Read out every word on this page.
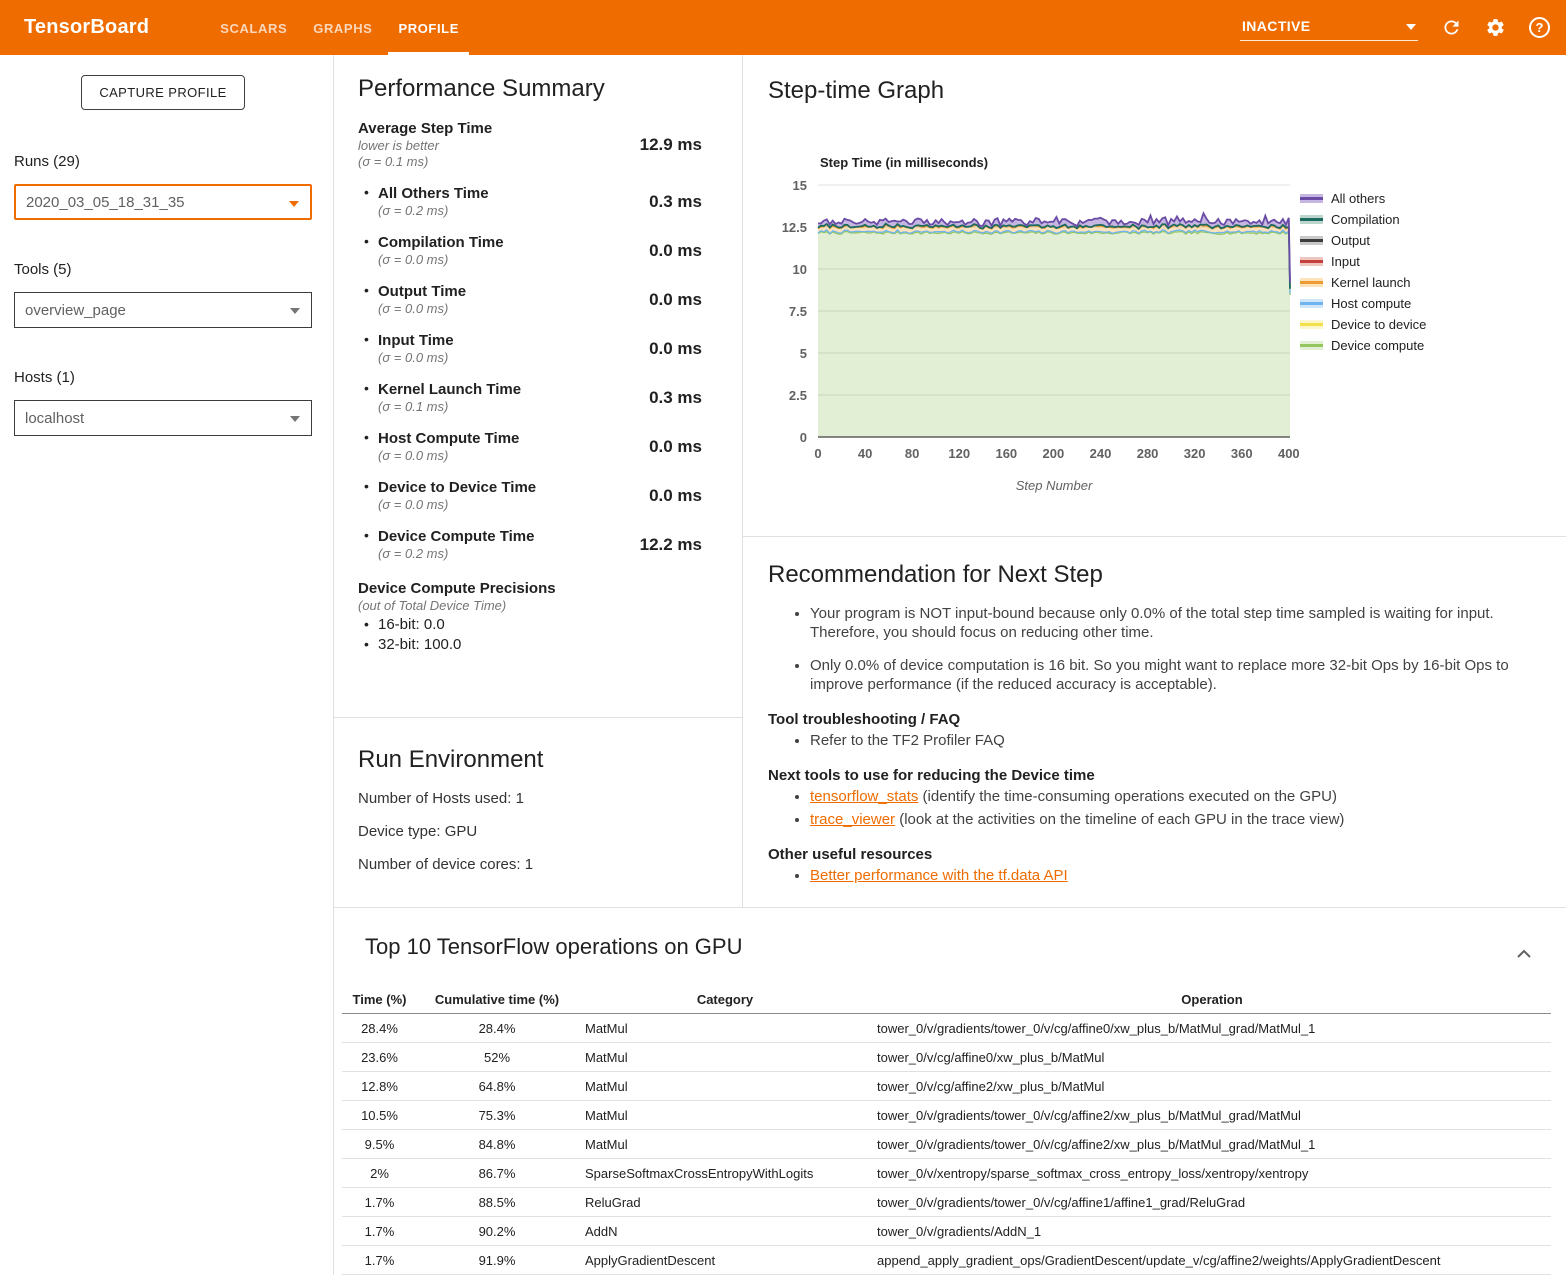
TensorBoard	SCALARS	GRAPHS	PROFILE	INACTIVE	?
CAPTURE PROFILE
Runs (29)
2020_03_05_18_31_35
Tools (5)
overview_page
Hosts (1)
localhost
Performance Summary
Average Step Time
lower is better
(σ = 0.1 ms)
12.9 ms
• All Others Time
(σ = 0.2 ms)	0.3 ms
• Compilation Time
(σ = 0.0 ms)	0.0 ms
• Output Time
(σ = 0.0 ms)	0.0 ms
• Input Time
(σ = 0.0 ms)	0.0 ms
• Kernel Launch Time
(σ = 0.1 ms)	0.3 ms
• Host Compute Time
(σ = 0.0 ms)	0.0 ms
• Device to Device Time
(σ = 0.0 ms)	0.0 ms
• Device Compute Time
(σ = 0.2 ms)	12.2 ms
Device Compute Precisions
(out of Total Device Time)
• 16-bit: 0.0
• 32-bit: 100.0
Run Environment
Number of Hosts used: 1
Device type: GPU
Number of device cores: 1
Step-time Graph
Step Time (in milliseconds)
15
12.5
10
7.5
5
2.5
0
0	40	80 120 160 200 240 280 320 360 400
Step Number
All others
Compilation
Output
Input
Kernel launch
Host compute
Device to device
Device compute
Recommendation for Next Step
• Your program is NOT input-bound because only 0.0% of the total step time sampled is waiting for input. Therefore, you should focus on reducing other time.
• Only 0.0% of device computation is 16 bit. So you might want to replace more 32-bit Ops by 16-bit Ops to improve performance (if the reduced accuracy is acceptable).
Tool troubleshooting / FAQ
• Refer to the TF2 Profiler FAQ
Next tools to use for reducing the Device time
• tensorflow_stats (identify the time-consuming operations executed on the GPU)
• trace_viewer (look at the activities on the timeline of each GPU in the trace view)
Other useful resources
• Better performance with the tf.data API
Top 10 TensorFlow operations on GPU
Time (%)	Cumulative time (%)	Category	Operation
28.4%	28.4%	MatMul	tower_0/v/gradients/tower_0/v/cg/affine0/xw_plus_b/MatMul_grad/MatMul_1
23.6%	52%	MatMul	tower_0/v/cg/affine0/xw_plus_b/MatMul
12.8%	64.8%	MatMul	tower_0/v/cg/affine2/xw_plus_b/MatMul
10.5%	75.3%	MatMul	tower_0/v/gradients/tower_0/v/cg/affine2/xw_plus_b/MatMul_grad/MatMul
9.5%	84.8%	MatMul	tower_0/v/gradients/tower_0/v/cg/affine2/xw_plus_b/MatMul_grad/MatMul_1
2%	86.7%	SparseSoftmaxCrossEntropyWithLogits	tower_0/v/xentropy/sparse_softmax_cross_entropy_loss/xentropy/xentropy
1.7%	88.5%	ReluGrad	tower_0/v/gradients/tower_0/v/cg/affine1/affine1_grad/ReluGrad
1.7%	90.2%	AddN	tower_0/v/gradients/AddN_1
1.7%	91.9%	ApplyGradientDescent	append_apply_gradient_ops/GradientDescent/update_v/cg/affine2/weights/ApplyGradientDescent
